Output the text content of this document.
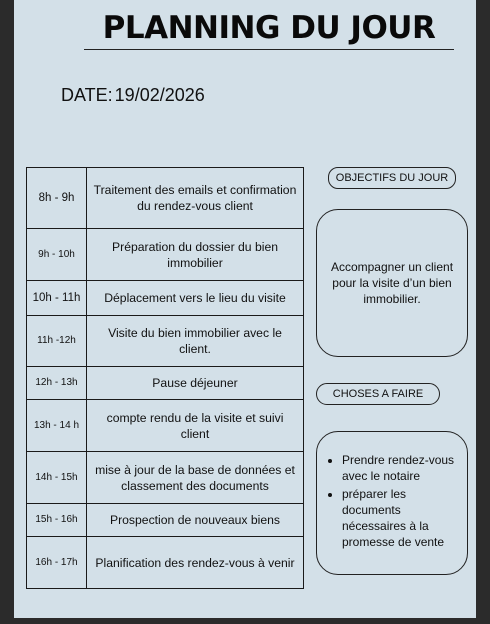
PLANNING DU JOUR
DATE: 19/02/2026
8h - 9h	Traitement des emails et confirmation du rendez-vous client
9h - 10h	Préparation du dossier du bien immobilier
10h - 11h	Déplacement vers le lieu du visite
11h -12h	Visite du bien immobilier avec le client.
12h - 13h	Pause déjeuner
13h - 14 h	compte rendu de la visite et suivi client
14h - 15h	mise à jour de la base de données et classement des documents
15h - 16h	Prospection de nouveaux biens
16h - 17h	Planification des rendez-vous à venir
OBJECTIFS DU JOUR
Accompagner un client pour la visite d’un bien immobilier.
CHOSES A FAIRE
• Prendre rendez-vous avec le notaire
• préparer les documents nécessaires à la promesse de vente
